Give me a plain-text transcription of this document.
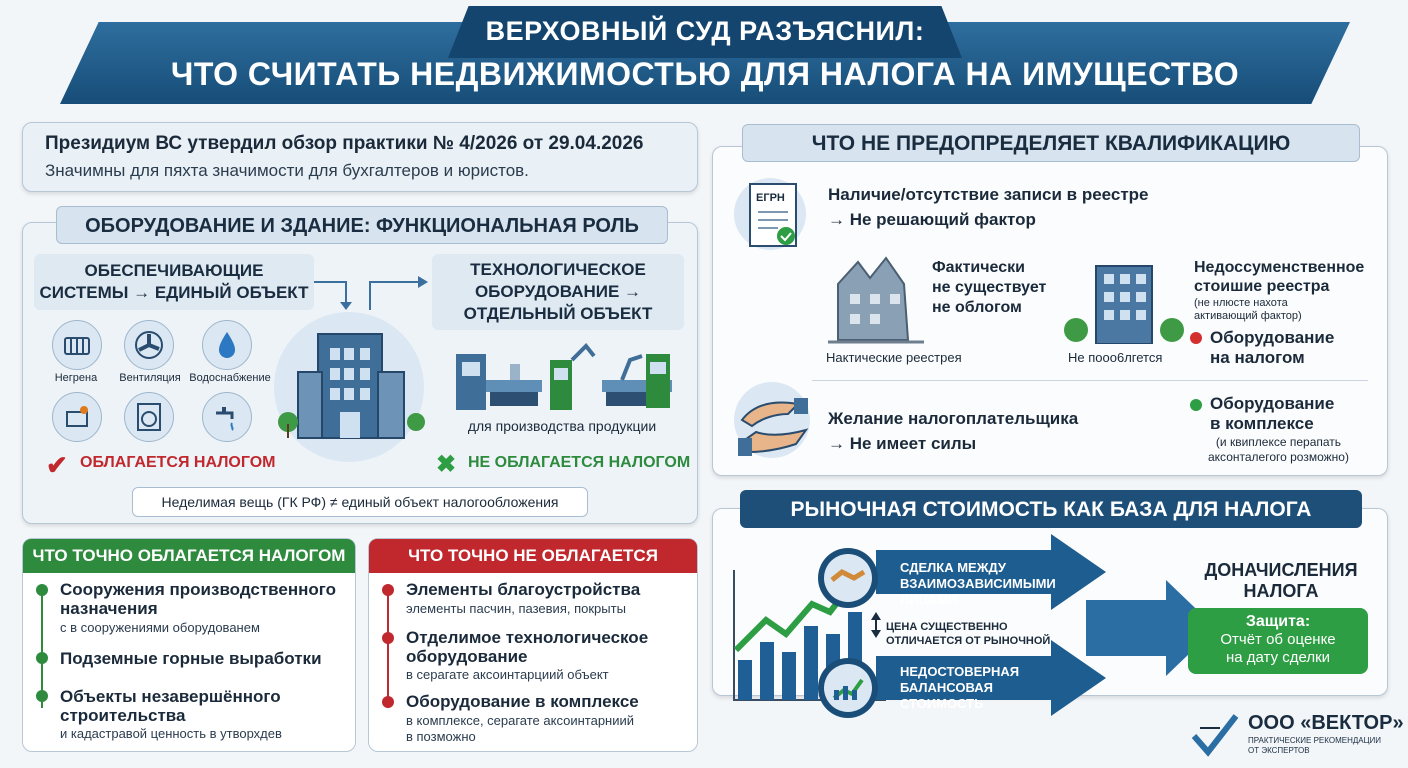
ВЕРХОВНЫЙ СУД РАЗЪЯСНИЛ:
ЧТО СЧИТАТЬ НЕДВИЖИМОСТЬЮ ДЛЯ НАЛОГА НА ИМУЩЕСТВО
Президиум ВС утвердил обзор практики № 4/2026 от 29.04.2026
Значимны для пяхта значимости для бухгалтеров и юристов.
ОБОРУДОВАНИЕ И ЗДАНИЕ: ФУНКЦИОНАЛЬНАЯ РОЛЬ
ОБЕСПЕЧИВАЮЩИЕ
СИСТЕМЫ → ЕДИНЫЙ ОБЪЕКТ
ТЕХНОЛОГИЧЕСКОЕ
ОБОРУДОВАНИЕ →
ОТДЕЛЬНЫЙ ОБЪЕКТ
Негрена	Вентиляция Водоснабжение
для производства продукции
✔ ОБЛАГАЕТСЯ НАЛОГОМ	✖ НЕ ОБЛАГАЕТСЯ НАЛОГОМ
Неделимая вещь (ГК РФ) ≠ единый объект налогообложения
ЧТО ТОЧНО ОБЛАГАЕТСЯ НАЛОГОМ
Сооружения производственного
назначения
с в сооружениями оборудованем
Подземные горные выработки
Объекты незавершённого
строительства
и кадастравой ценность в утворхдев
ЧТО ТОЧНО НЕ ОБЛАГАЕТСЯ
Элементы благоустройства
элементы пасчин, пазевия, покрыты
Отделимое технологическое
оборудование
в серагате аксоинтарциий объект
Оборудование в комплексе
в комплексе, серагате аксоинтарниий
в позможно
ЧТО НЕ ПРЕДОПРЕДЕЛЯЕТ КВАЛИФИКАЦИЮ
ЕГРН	Наличие/отсутствие записи в реестре
→ Не решающий фактор
Нактические реестрея
Фактически
не существует
не облогом
Не пооо6лгется
Недоссуменственное
стоишие реестра
(не нлюсте нахота
активающий фактор)
Оборудование
на налогом
Желание налогоплательщика
→ Не имеет силы
Оборудование
в комплексе
(и квиплексе перапать
аксонталегого розможно)
РЫНОЧНАЯ СТОИМОСТЬ КАК БАЗА ДЛЯ НАЛОГА
СДЕЛКА МЕЖДУ
ВЗАИМОЗАВИСИМЫМИ
ЛИЦАМИ
ЦЕНА СУЩЕСТВЕННО
ОТЛИЧАЕТСЯ ОТ РЫНОЧНОЙ
НЕДОСТОВЕРНАЯ
БАЛАНСОВАЯ
СТОИМОСТЬ
ДОНАЧИСЛЕНИЯ
НАЛОГА
Защита:
Отчёт об оценке
на дату сделки
ООО «ВЕКТОР»
ПРАКТИЧЕСКИЕ РЕКОМЕНДАЦИИ
ОТ ЭКСПЕРТОВ
